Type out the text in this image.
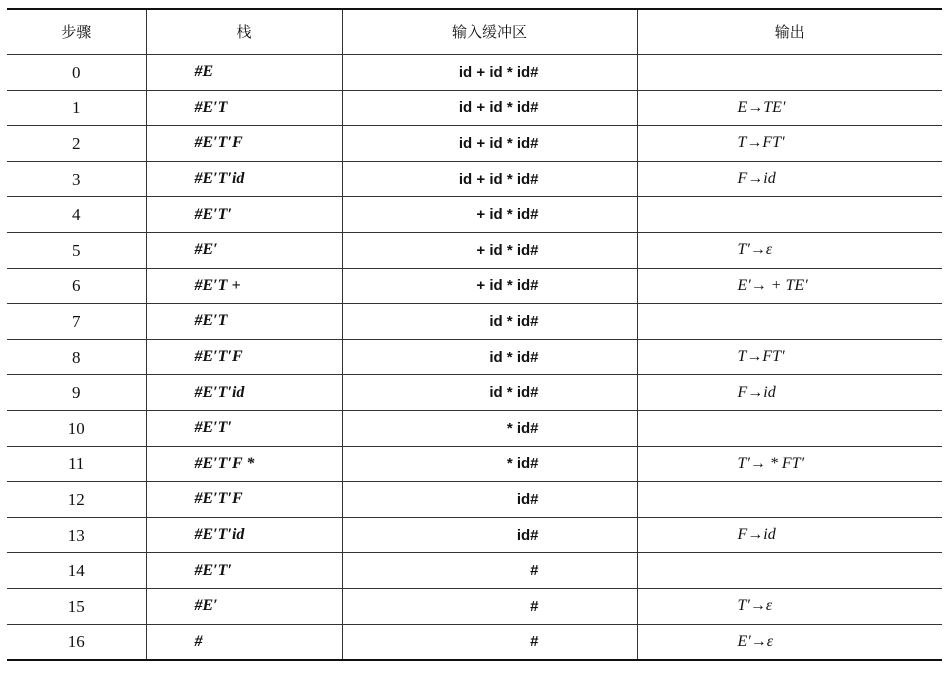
步骤	栈	输入缓冲区	输出
0	#E	id + id * id#	
1	#E′T	id + id * id#	E→TE′
2	#E′T′F	id + id * id#	T→FT′
3	#E′T′id	id + id * id#	F→id
4	#E′T′	+ id * id#	
5	#E′	+ id * id#	T′→ε
6	#E′T +	+ id * id#	E′→ + TE′
7	#E′T	id * id#	
8	#E′T′F	id * id#	T→FT′
9	#E′T′id	id * id#	F→id
10	#E′T′	* id#	
11	#E′T′F *	* id#	T′→ * FT′
12	#E′T′F	id#	
13	#E′T′id	id#	F→id
14	#E′T′	#	
15	#E′	#	T′→ε
16	#	#	E′→ε
